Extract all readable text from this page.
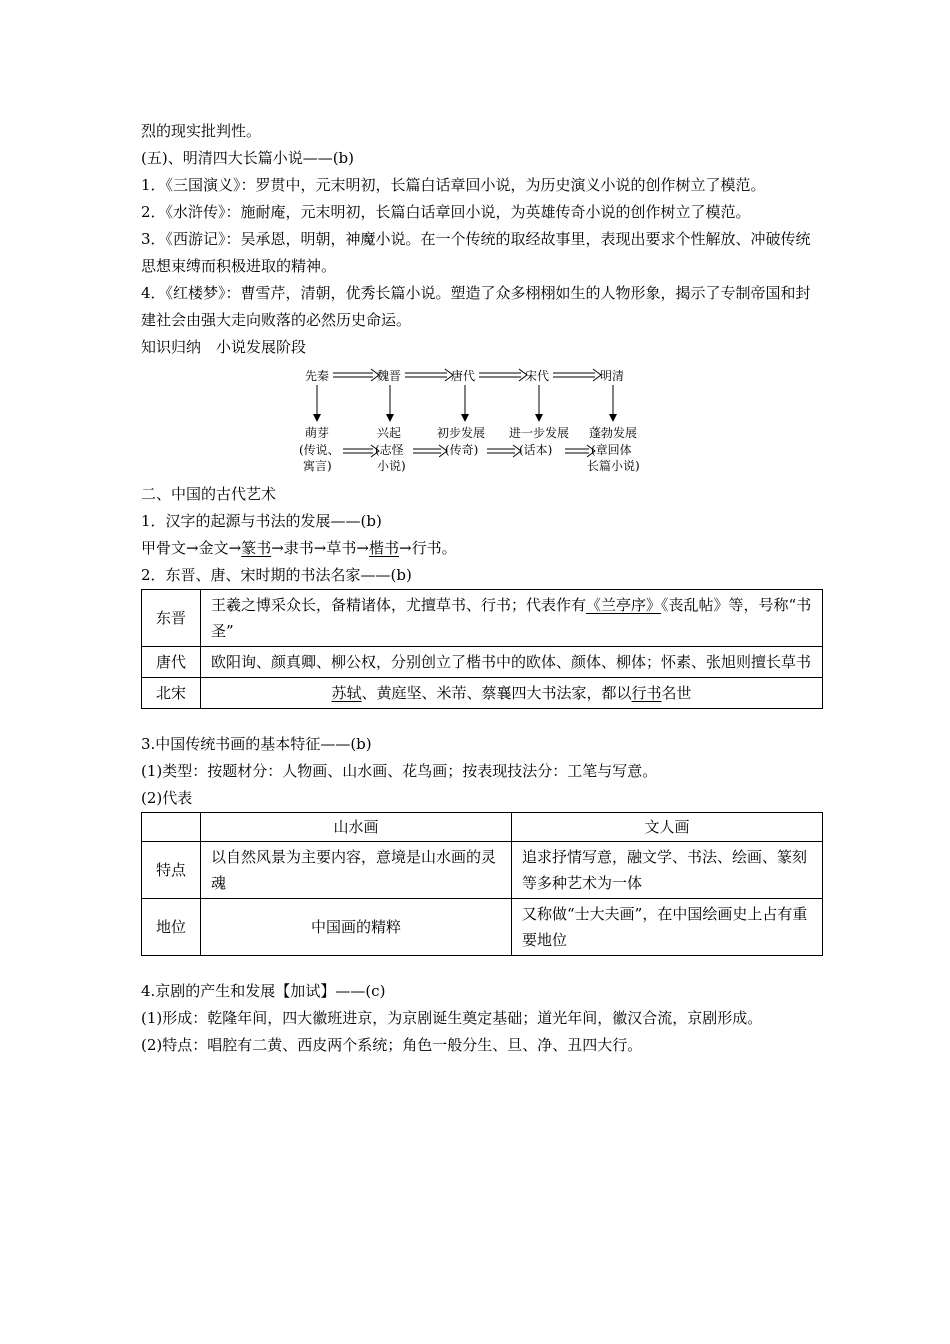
烈的现实批判性。

(五)、明清四大长篇小说——(b)

1．《三国演义》：罗贯中，元末明初，长篇白话章回小说，为历史演义小说的创作树立了模范。

2．《水浒传》：施耐庵，元末明初，长篇白话章回小说，为英雄传奇小说的创作树立了模范。

3．《西游记》：吴承恩，明朝，神魔小说。在一个传统的取经故事里，表现出要求个性解放、冲破传统思想束缚而积极进取的精神。

4．《红楼梦》：曹雪芹，清朝，优秀长篇小说。塑造了众多栩栩如生的人物形象，揭示了专制帝国和封建社会由强大走向败落的必然历史命运。

知识归纳　小说发展阶段

先秦	魏晋	唐代	宋代	明清
萌芽	兴起	初步发展 进一步发展 蓬勃发展
(传说、
寓言)
(志怪
小说)
(传奇)	(话本)	(章回体
长篇小说)

二、中国的古代艺术

1．汉字的起源与书法的发展——(b)

甲骨文→金文→篆书→隶书→草书→楷书→行书。

2．东晋、唐、宋时期的书法名家——(b)

东晋	王羲之博采众长，备精诸体，尤擅草书、行书；代表作有《兰亭序》《丧乱帖》等，号称“书圣”
唐代	欧阳询、颜真卿、柳公权，分别创立了楷书中的欧体、颜体、柳体；怀素、张旭则擅长草书
北宋	苏轼、黄庭坚、米芾、蔡襄四大书法家，都以行书名世

3.中国传统书画的基本特征——(b)

(1)类型：按题材分：人物画、山水画、花鸟画；按表现技法分：工笔与写意。

(2)代表

	山水画	文人画
特点	以自然风景为主要内容，意境是山水画的灵魂	追求抒情写意，融文学、书法、绘画、篆刻等多种艺术为一体
地位	中国画的精粹	又称做“士大夫画”，在中国绘画史上占有重要地位

4.京剧的产生和发展【加试】——(c)

(1)形成：乾隆年间，四大徽班进京，为京剧诞生奠定基础；道光年间，徽汉合流，京剧形成。

(2)特点：唱腔有二黄、西皮两个系统；角色一般分生、旦、净、丑四大行。
